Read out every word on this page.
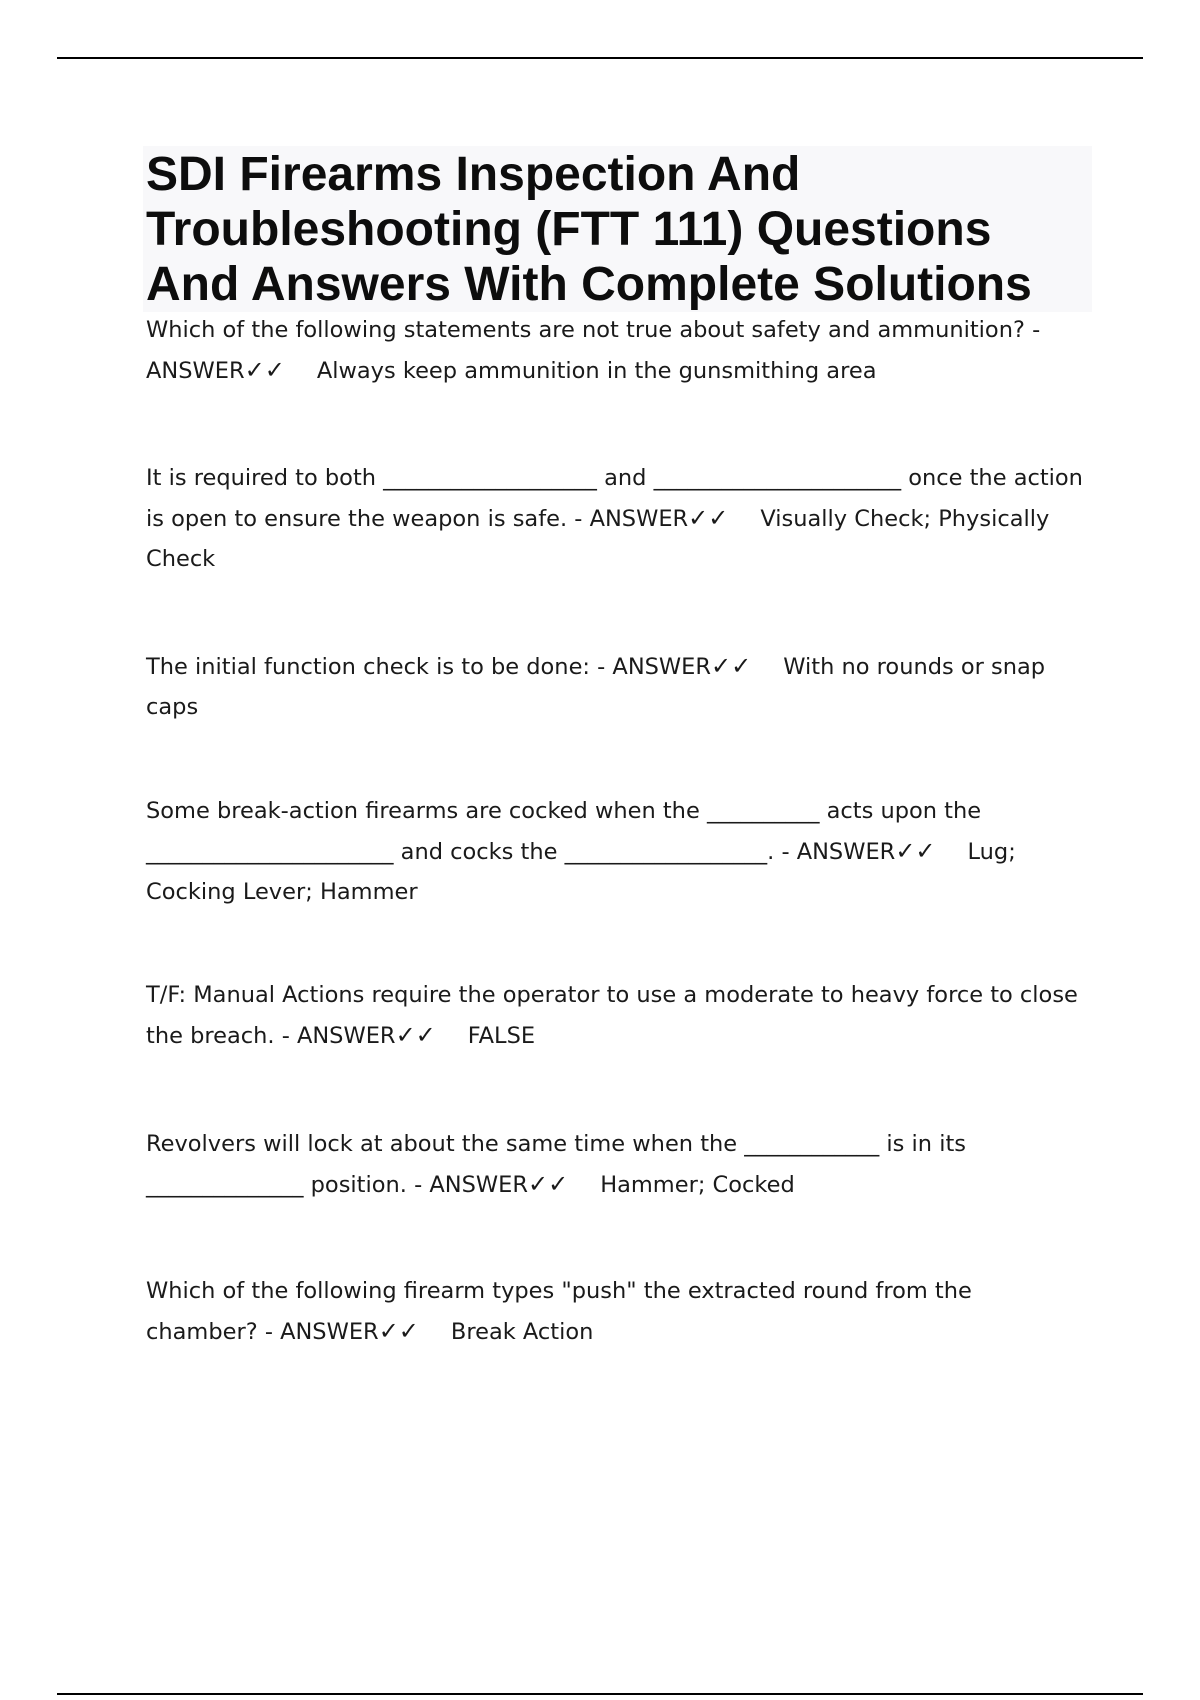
SDI Firearms Inspection And Troubleshooting (FTT 111) Questions And Answers With Complete Solutions

Which of the following statements are not true about safety and ammunition? - ANSWER✓✓ Always keep ammunition in the gunsmithing area

It is required to both ___________________ and ______________________ once the action is open to ensure the weapon is safe. - ANSWER✓✓ Visually Check; Physically Check

The initial function check is to be done: - ANSWER✓✓ With no rounds or snap caps

Some break-action firearms are cocked when the __________ acts upon the ______________________ and cocks the __________________. - ANSWER✓✓ Lug; Cocking Lever; Hammer

T/F: Manual Actions require the operator to use a moderate to heavy force to close the breach. - ANSWER✓✓ FALSE

Revolvers will lock at about the same time when the ____________ is in its ______________ position. - ANSWER✓✓ Hammer; Cocked

Which of the following firearm types "push" the extracted round from the chamber? - ANSWER✓✓ Break Action
